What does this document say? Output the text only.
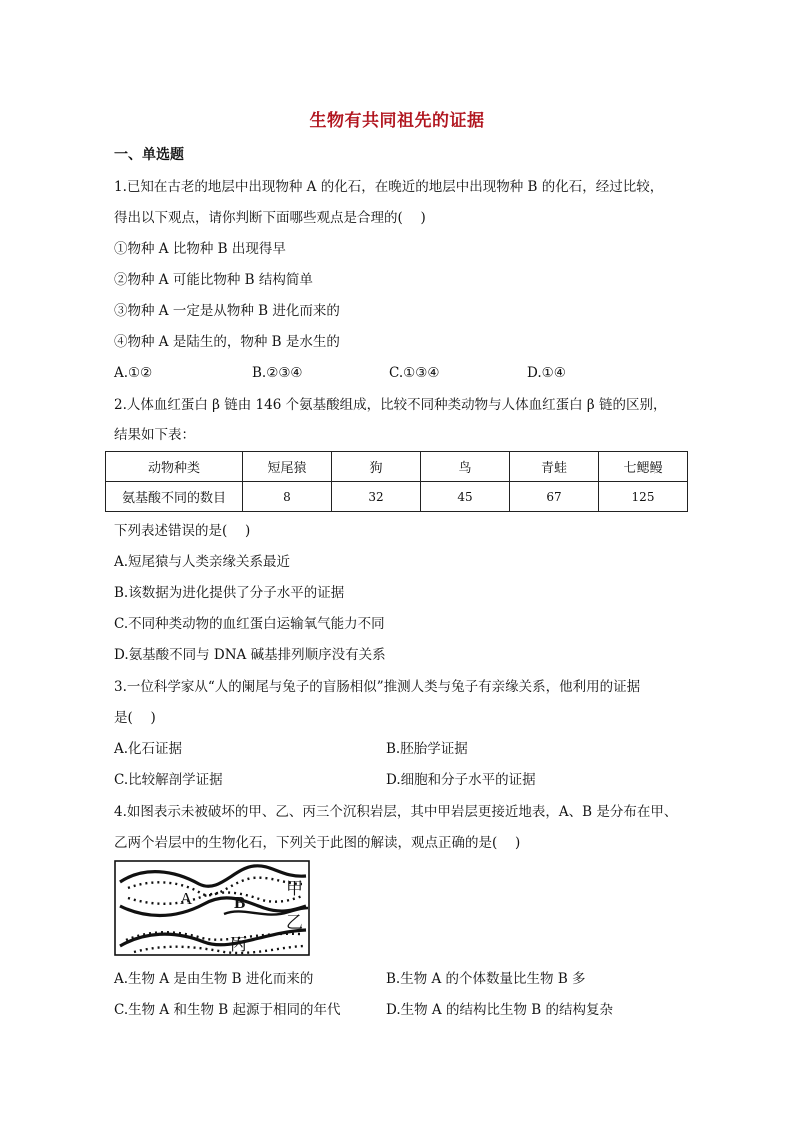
生物有共同祖先的证据
一、单选题
1.已知在古老的地层中出现物种 A 的化石，在晚近的地层中出现物种 B 的化石，经过比较，
得出以下观点，请你判断下面哪些观点是合理的(　 )
①物种 A 比物种 B 出现得早
②物种 A 可能比物种 B 结构简单
③物种 A 一定是从物种 B 进化而来的
④物种 A 是陆生的，物种 B 是水生的
A.①②	B.②③④	C.①③④	D.①④
2.人体血红蛋白 β 链由 146 个氨基酸组成，比较不同种类动物与人体血红蛋白 β 链的区别，
结果如下表：
动物种类	短尾猿	狗	鸟	青蛙	七鳃鳗
氨基酸不同的数目	8	32	45	67	125
下列表述错误的是(　 )
A.短尾猿与人类亲缘关系最近
B.该数据为进化提供了分子水平的证据
C.不同种类动物的血红蛋白运输氧气能力不同
D.氨基酸不同与 DNA 碱基排列顺序没有关系
3.一位科学家从“人的阑尾与兔子的盲肠相似”推测人类与兔子有亲缘关系，他利用的证据
是(　 )
A.化石证据	B.胚胎学证据
C.比较解剖学证据	D.细胞和分子水平的证据
4.如图表示未被破坏的甲、乙、丙三个沉积岩层，其中甲岩层更接近地表，A、B 是分布在甲、
乙两个岩层中的生物化石，下列关于此图的解读，观点正确的是(　 )
A B
甲
乙
丙
A.生物 A 是由生物 B 进化而来的	B.生物 A 的个体数量比生物 B 多
C.生物 A 和生物 B 起源于相同的年代	D.生物 A 的结构比生物 B 的结构复杂
